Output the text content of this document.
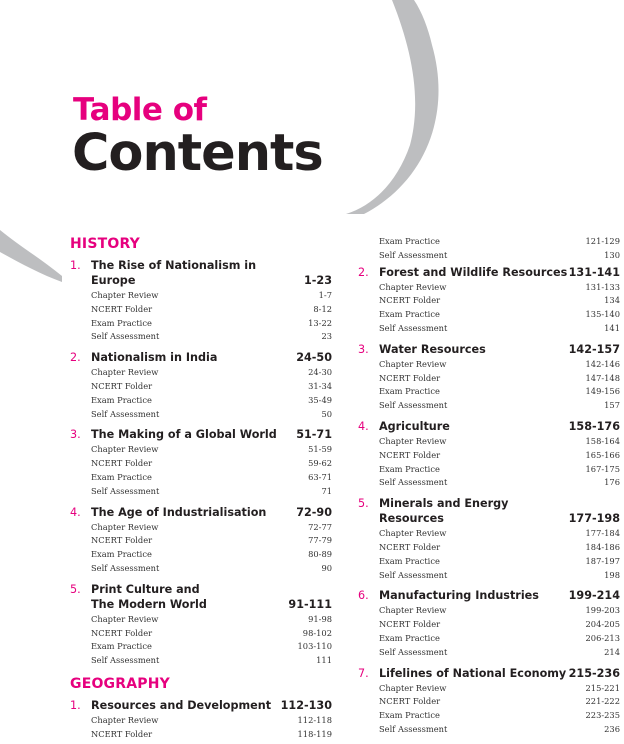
Table of
Contents
HISTORY
1. The Rise of Nationalism in Europe	1-23
Chapter Review	1-7
NCERT Folder	8-12
Exam Practice	13-22
Self Assessment	23
2. Nationalism in India	24-50
Chapter Review	24-30
NCERT Folder	31-34
Exam Practice	35-49
Self Assessment	50
3. The Making of a Global World	51-71
Chapter Review	51-59
NCERT Folder	59-62
Exam Practice	63-71
Self Assessment	71
4. The Age of Industrialisation	72-90
Chapter Review	72-77
NCERT Folder	77-79
Exam Practice	80-89
Self Assessment	90
5. Print Culture and
The Modern World	91-111
Chapter Review	91-98
NCERT Folder	98-102
Exam Practice	103-110
Self Assessment	111
GEOGRAPHY
1. Resources and Development 112-130
Chapter Review	112-118
NCERT Folder	118-119
Exam Practice	121-129
Self Assessment	130
2. Forest and Wildlife Resources 131-141
Chapter Review	131-133
NCERT Folder	134
Exam Practice	135-140
Self Assessment	141
3. Water Resources	142-157
Chapter Review	142-146
NCERT Folder	147-148
Exam Practice	149-156
Self Assessment	157
4. Agriculture	158-176
Chapter Review	158-164
NCERT Folder	165-166
Exam Practice	167-175
Self Assessment	176
5. Minerals and Energy Resources	177-198
Chapter Review	177-184
NCERT Folder	184-186
Exam Practice	187-197
Self Assessment	198
6. Manufacturing Industries	199-214
Chapter Review	199-203
NCERT Folder	204-205
Exam Practice	206-213
Self Assessment	214
7. Lifelines of National Economy 215-236
Chapter Review	215-221
NCERT Folder	221-222
Exam Practice	223-235
Self Assessment	236
